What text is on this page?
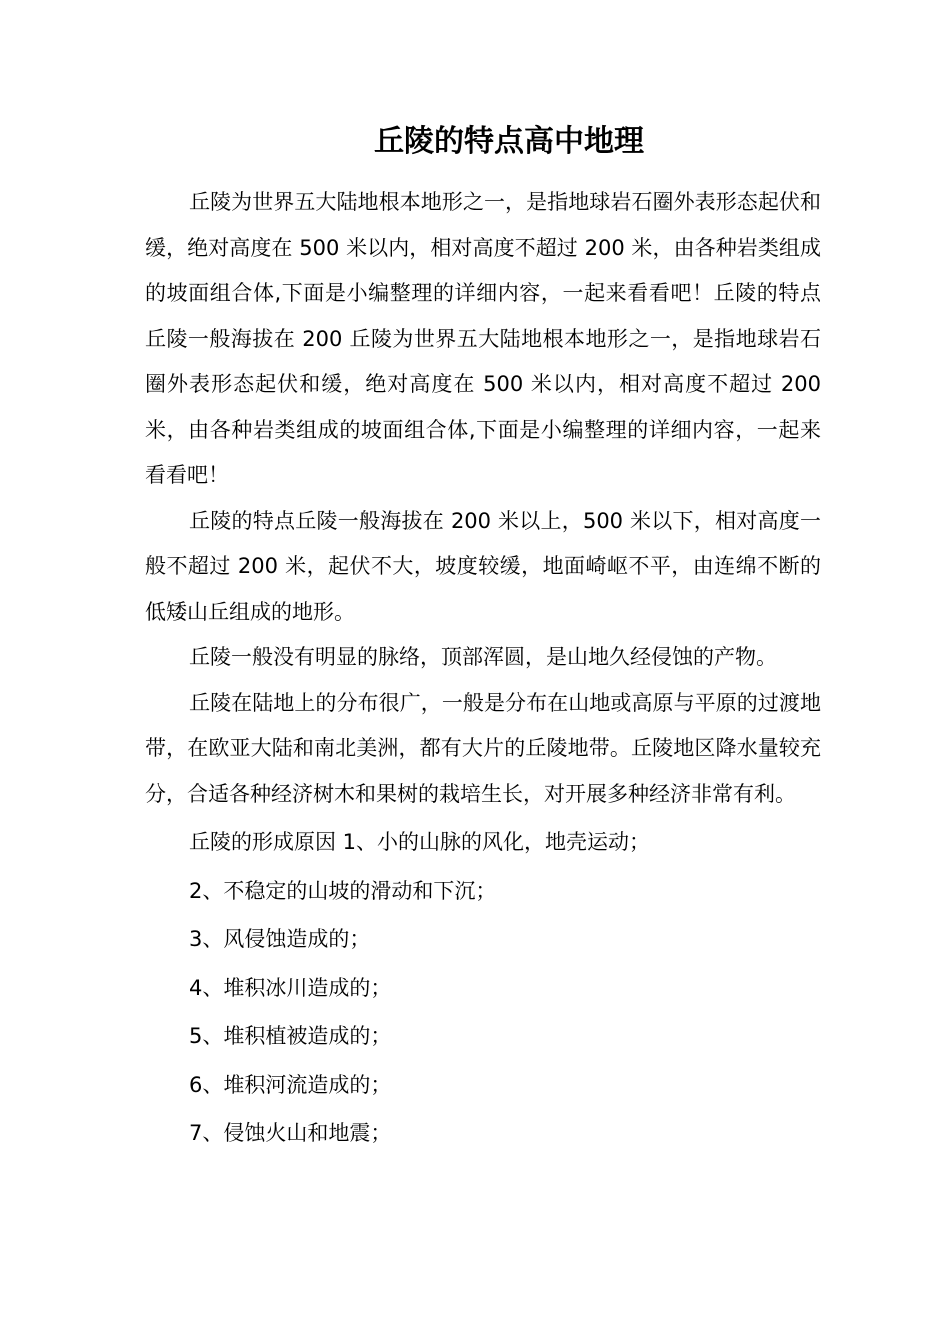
丘陵的特点高中地理

丘陵为世界五大陆地根本地形之一，是指地球岩石圈外表形态起伏和缓，绝对高度在 500 米以内，相对高度不超过 200 米，由各种岩类组成的坡面组合体,下面是小编整理的详细内容，一起来看看吧！丘陵的特点丘陵一般海拔在 200 丘陵为世界五大陆地根本地形之一，是指地球岩石圈外表形态起伏和缓，绝对高度在 500 米以内，相对高度不超过 200 米，由各种岩类组成的坡面组合体,下面是小编整理的详细内容，一起来看看吧！

丘陵的特点丘陵一般海拔在 200 米以上，500 米以下，相对高度一般不超过 200 米，起伏不大，坡度较缓，地面崎岖不平，由连绵不断的低矮山丘组成的地形。

丘陵一般没有明显的脉络，顶部浑圆，是山地久经侵蚀的产物。

丘陵在陆地上的分布很广，一般是分布在山地或高原与平原的过渡地带，在欧亚大陆和南北美洲，都有大片的丘陵地带。丘陵地区降水量较充分，合适各种经济树木和果树的栽培生长，对开展多种经济非常有利。

丘陵的形成原因 1、小的山脉的风化，地壳运动；

2、不稳定的山坡的滑动和下沉；

3、风侵蚀造成的；

4、堆积冰川造成的；

5、堆积植被造成的；

6、堆积河流造成的；

7、侵蚀火山和地震；
